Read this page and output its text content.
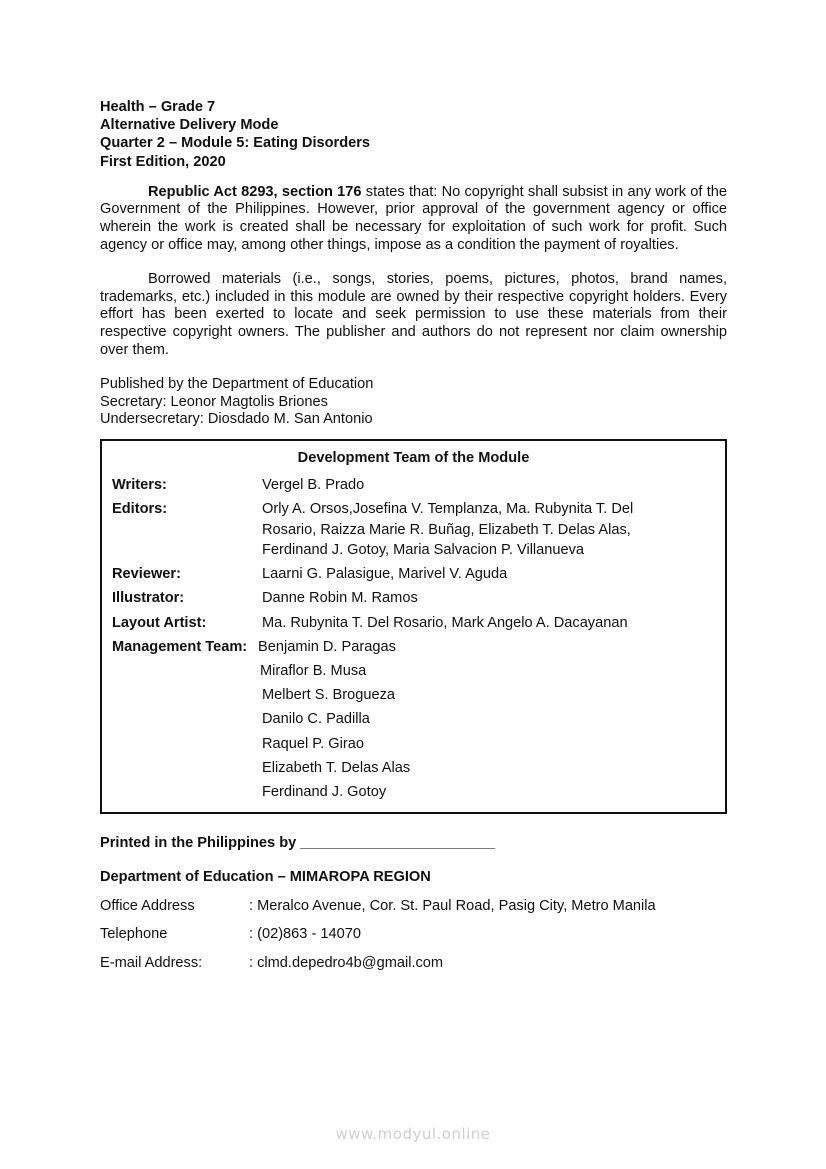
Health – Grade 7
Alternative Delivery Mode
Quarter 2 – Module 5: Eating Disorders
First Edition, 2020

Republic Act 8293, section 176 states that: No copyright shall subsist in any work of the Government of the Philippines. However, prior approval of the government agency or office wherein the work is created shall be necessary for exploitation of such work for profit. Such agency or office may, among other things, impose as a condition the payment of royalties.

Borrowed materials (i.e., songs, stories, poems, pictures, photos, brand names, trademarks, etc.) included in this module are owned by their respective copyright holders. Every effort has been exerted to locate and seek permission to use these materials from their respective copyright owners. The publisher and authors do not represent nor claim ownership over them.

Published by the Department of Education
Secretary: Leonor Magtolis Briones
Undersecretary: Diosdado M. San Antonio
Development Team of the Module
Writers:	Vergel B. Prado
Editors:	Orly A. Orsos,Josefina V. Templanza, Ma. Rubynita T. Del Rosario, Raizza Marie R. Buñag, Elizabeth T. Delas Alas, Ferdinand J. Gotoy, Maria Salvacion P. Villanueva
Reviewer:	Laarni G. Palasigue, Marivel V. Aguda
Illustrator:	Danne Robin M. Ramos
Layout Artist:	Ma. Rubynita T. Del Rosario, Mark Angelo A. Dacayanan
Management Team: Benjamin D. Paragas
Miraflor B. Musa
Melbert S. Brogueza
Danilo C. Padilla
Raquel P. Girao
Elizabeth T. Delas Alas
Ferdinand J. Gotoy
Printed in the Philippines by ________________________
Department of Education – MIMAROPA REGION
Office Address	: Meralco Avenue, Cor. St. Paul Road, Pasig City, Metro Manila
Telephone	: (02)863 - 14070
E-mail Address:	: clmd.depedro4b@gmail.com
www.modyul.online
